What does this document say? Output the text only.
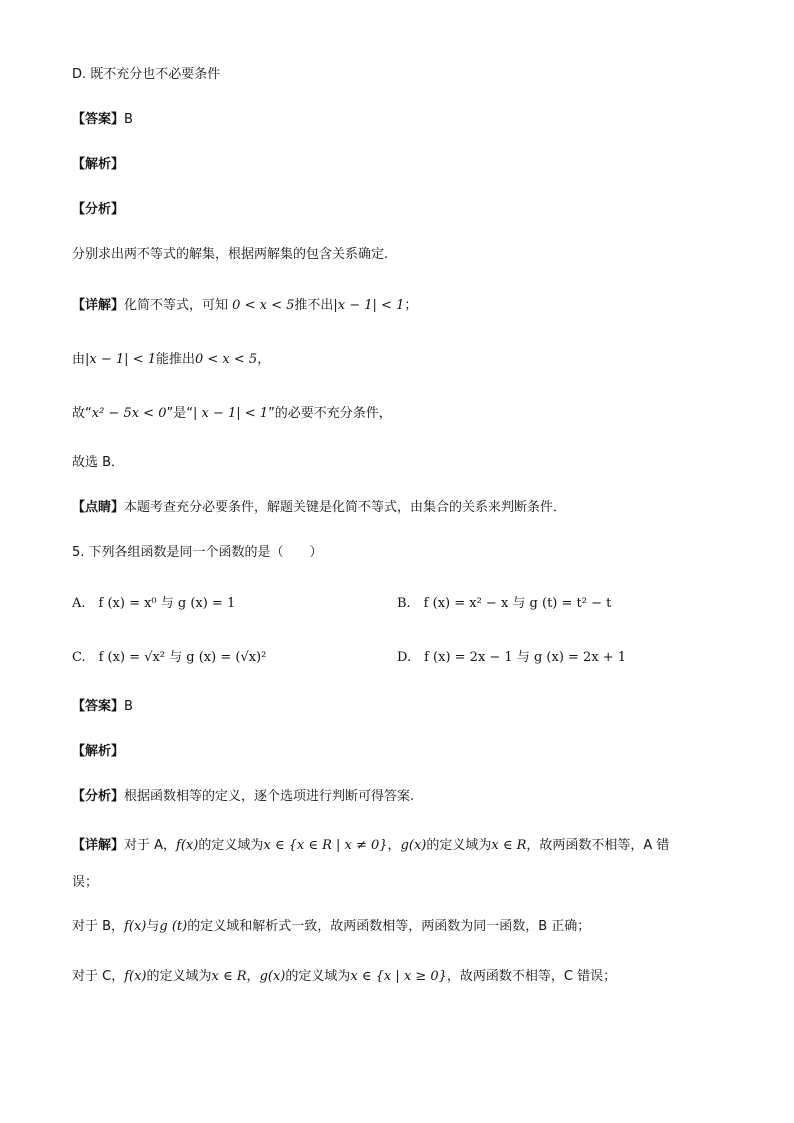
D. 既不充分也不必要条件
【答案】B
【解析】
【分析】
分别求出两不等式的解集，根据两解集的包含关系确定.
【详解】化简不等式，可知 0 < x < 5推不出|x − 1| < 1；
由|x − 1| < 1能推出0 < x < 5，
故“x² − 5x < 0”是“| x − 1| < 1”的必要不充分条件，
故选 B．
【点睛】本题考查充分必要条件，解题关键是化简不等式，由集合的关系来判断条件．
5. 下列各组函数是同一个函数的是（　　）
A.　f (x) = x⁰ 与 g (x) = 1	B.　f (x) = x² − x 与 g (t) = t² − t
C.　f (x) = √x² 与 g (x) = (√x)²	D.　f (x) = 2x − 1 与 g (x) = 2x + 1
【答案】B
【解析】
【分析】根据函数相等的定义，逐个选项进行判断可得答案.
【详解】对于 A，f(x)的定义域为x ∈ {x ∈ R | x ≠ 0}，g(x)的定义域为x ∈ R，故两函数不相等，A 错
误；
对于 B，f(x)与g (t)的定义域和解析式一致，故两函数相等，两函数为同一函数，B 正确；
对于 C，f(x)的定义域为x ∈ R，g(x)的定义域为x ∈ {x | x ≥ 0}，故两函数不相等，C 错误；
